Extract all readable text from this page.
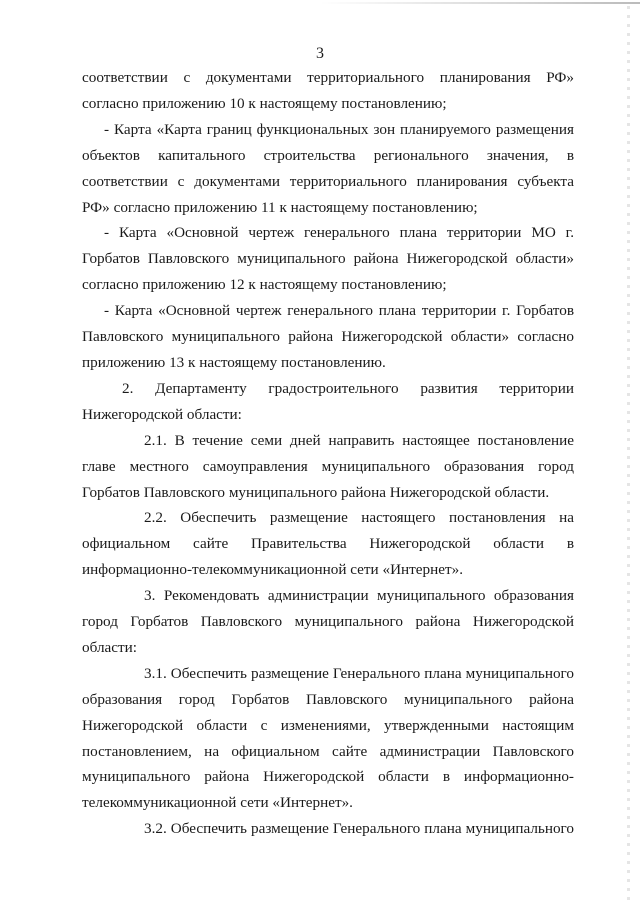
3

соответствии с документами территориального планирования РФ»

согласно приложению 10 к настоящему постановлению;

- Карта «Карта границ функциональных зон планируемого размещения объектов капитального строительства регионального значения, в соответствии с документами территориального планирования субъекта РФ» согласно приложению 11 к настоящему постановлению;

- Карта «Основной чертеж генерального плана территории МО г. Горбатов Павловского муниципального района Нижегородской области» согласно приложению 12 к настоящему постановлению;

- Карта «Основной чертеж генерального плана территории г. Горбатов Павловского муниципального района Нижегородской области» согласно приложению 13 к настоящему постановлению.

2. Департаменту градостроительного развития территории Нижегородской области:

2.1. В течение семи дней направить настоящее постановление главе местного самоуправления муниципального образования город Горбатов Павловского муниципального района Нижегородской области.

2.2. Обеспечить размещение настоящего постановления на официальном сайте Правительства Нижегородской области в информационно-телекоммуникационной сети «Интернет».

3. Рекомендовать администрации муниципального образования город Горбатов Павловского муниципального района Нижегородской области:

3.1. Обеспечить размещение Генерального плана муниципального образования город Горбатов Павловского муниципального района Нижегородской области с изменениями, утвержденными настоящим постановлением, на официальном сайте администрации Павловского муниципального района Нижегородской области в информационно-телекоммуникационной сети «Интернет».

3.2. Обеспечить размещение Генерального плана муниципального
